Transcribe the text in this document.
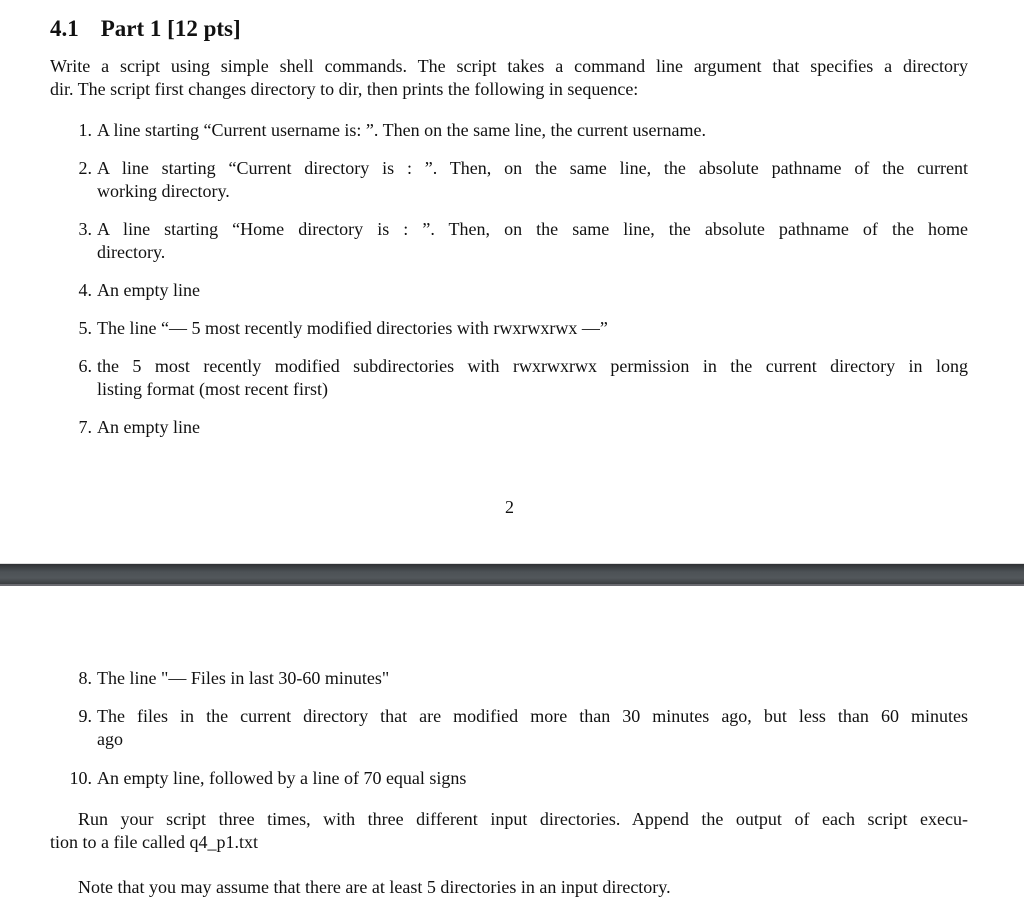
4.1 Part 1 [12 pts]
Write a script using simple shell commands. The script takes a command line argument that specifies a directory
dir. The script first changes directory to dir, then prints the following in sequence:
1. A line starting “Current username is: ”. Then on the same line, the current username.
2. A line starting “Current directory is : ”. Then, on the same line, the absolute pathname of the current
working directory.
3. A line starting “Home directory is : ”. Then, on the same line, the absolute pathname of the home
directory.
4. An empty line
5. The line “— 5 most recently modified directories with rwxrwxrwx —”
6. the 5 most recently modified subdirectories with rwxrwxrwx permission in the current directory in long
listing format (most recent first)
7. An empty line
2
8. The line "— Files in last 30-60 minutes"
9. The files in the current directory that are modified more than 30 minutes ago, but less than 60 minutes
ago
10. An empty line, followed by a line of 70 equal signs
Run your script three times, with three different input directories. Append the output of each script execu-
tion to a file called q4_p1.txt
Note that you may assume that there are at least 5 directories in an input directory.
